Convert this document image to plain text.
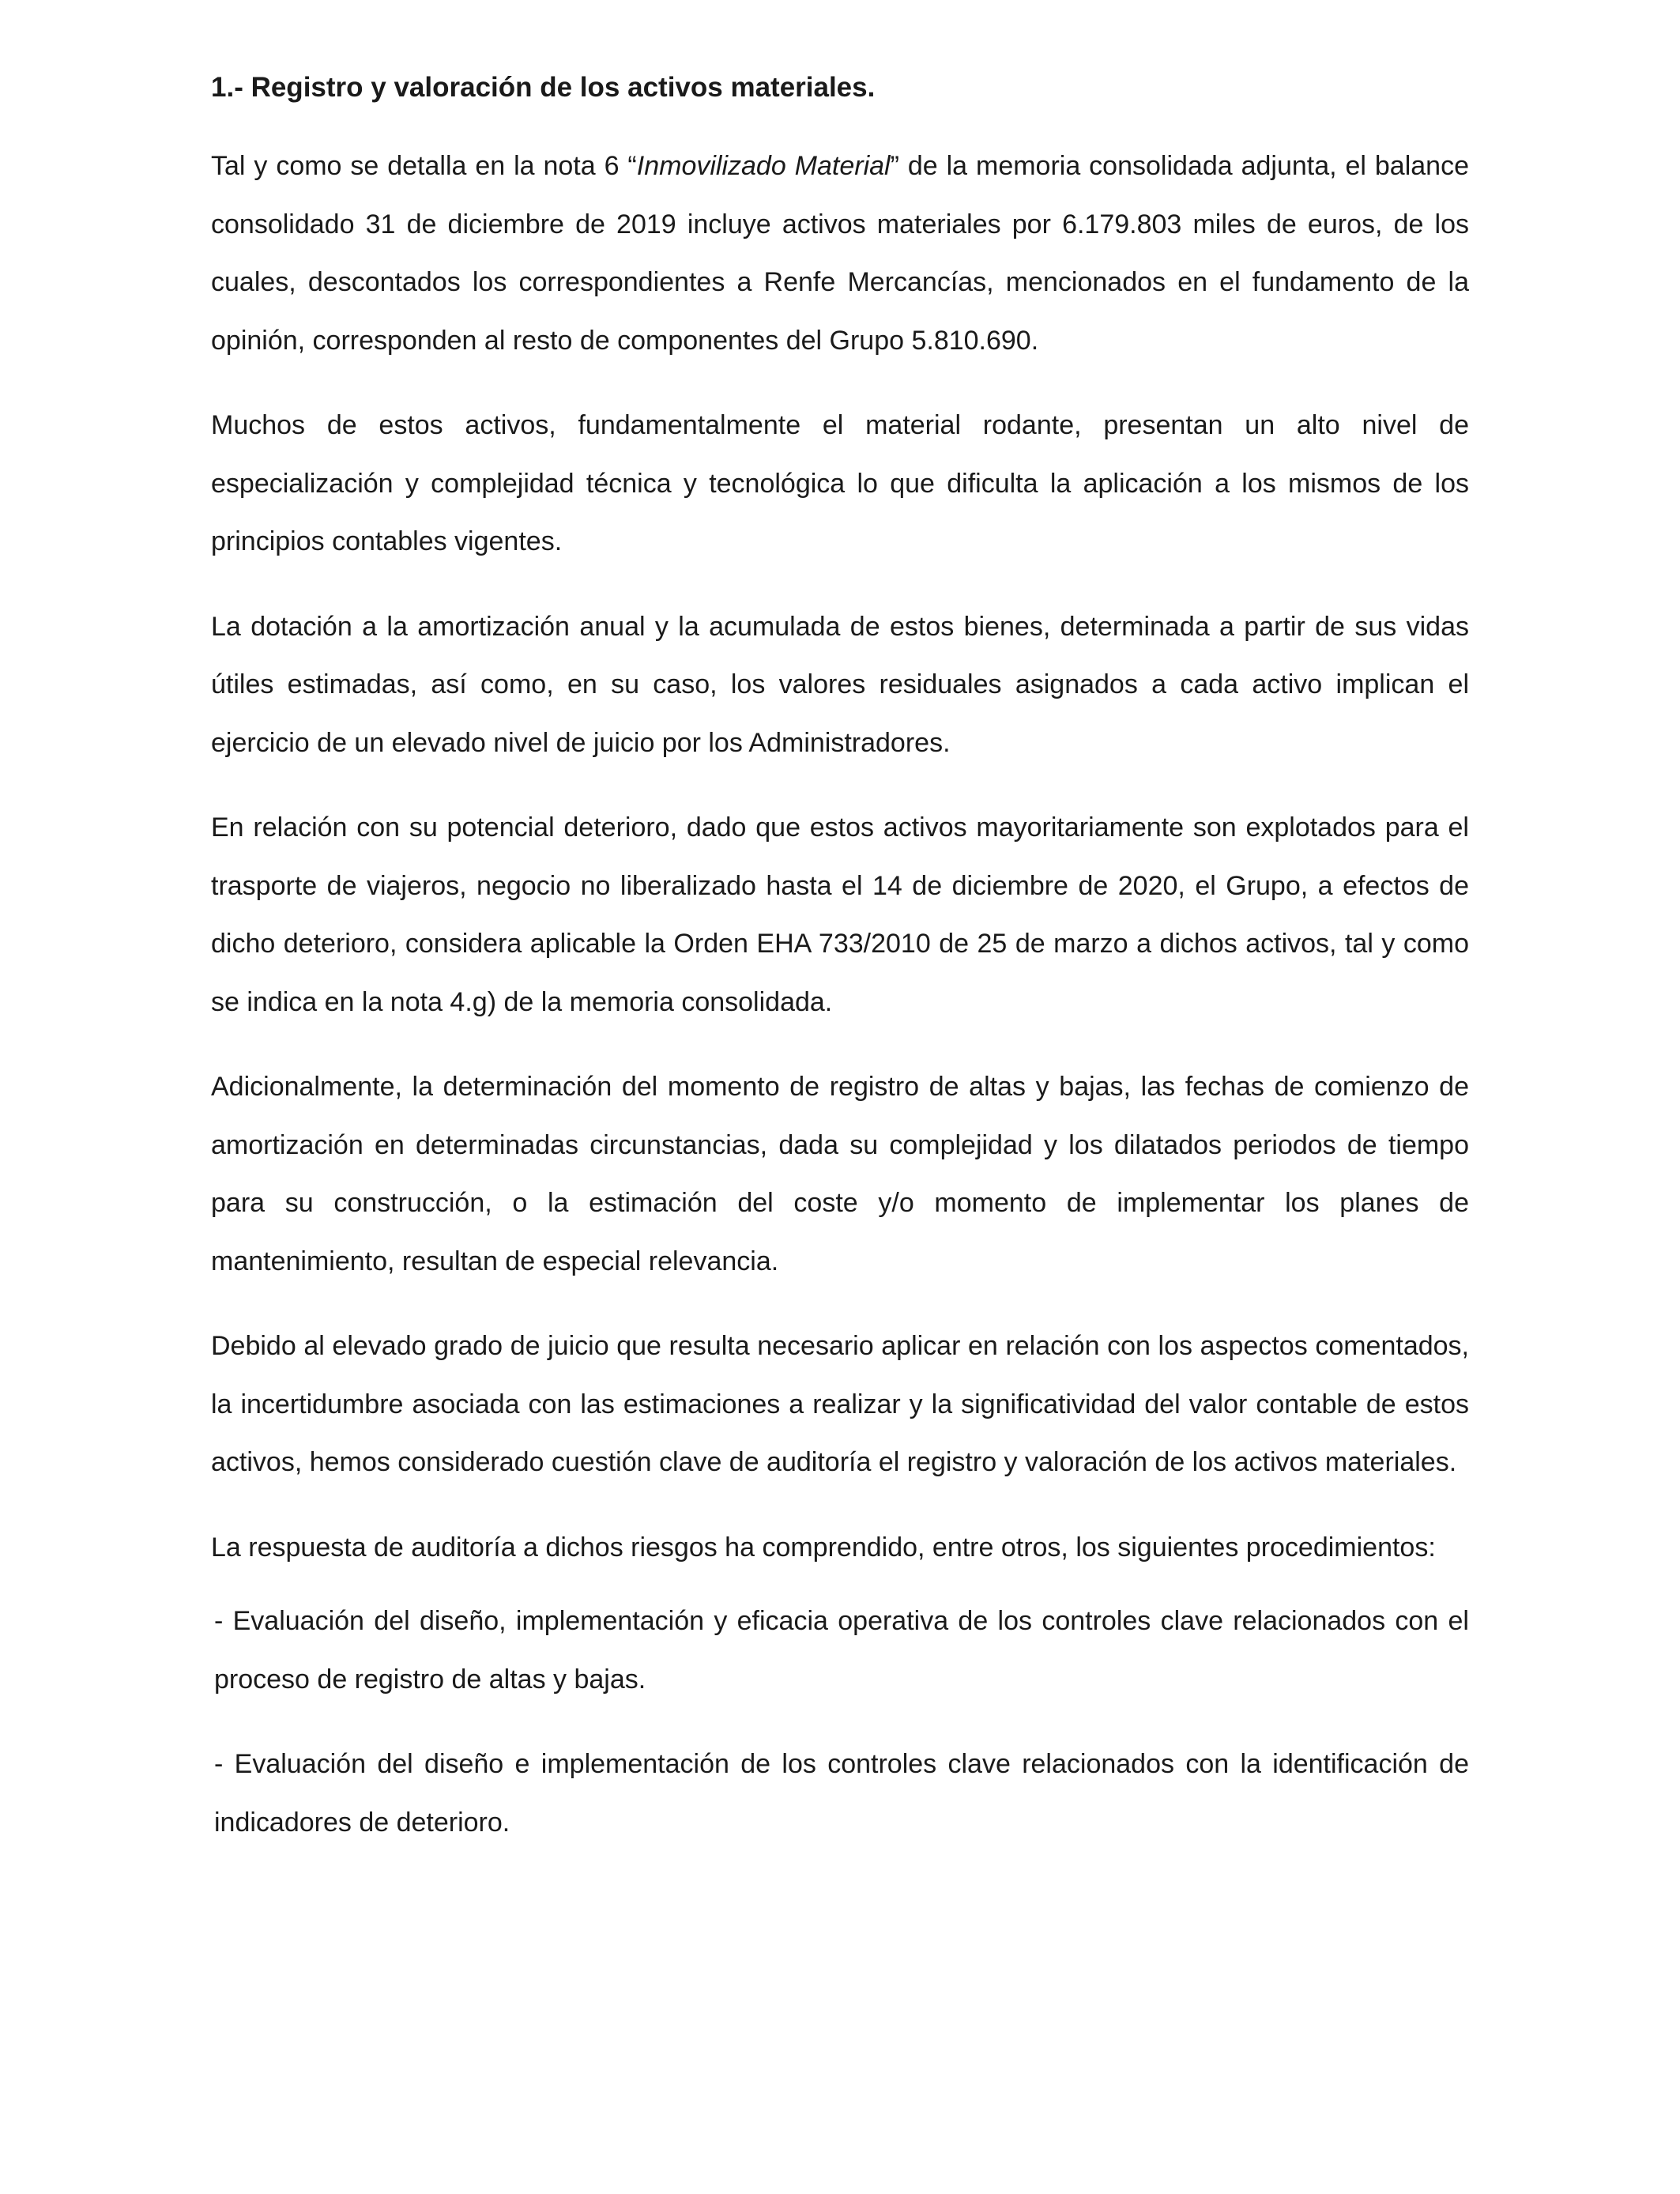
1.- Registro y valoración de los activos materiales.

Tal y como se detalla en la nota 6 “Inmovilizado Material” de la memoria consolidada adjunta, el balance consolidado 31 de diciembre de 2019 incluye activos materiales por 6.179.803 miles de euros, de los cuales, descontados los correspondientes a Renfe Mercancías, mencionados en el fundamento de la opinión, corresponden al resto de componentes del Grupo 5.810.690.

Muchos de estos activos, fundamentalmente el material rodante, presentan un alto nivel de especialización y complejidad técnica y tecnológica lo que dificulta la aplicación a los mismos de los principios contables vigentes.

La dotación a la amortización anual y la acumulada de estos bienes, determinada a partir de sus vidas útiles estimadas, así como, en su caso, los valores residuales asignados a cada activo implican el ejercicio de un elevado nivel de juicio por los Administradores.

En relación con su potencial deterioro, dado que estos activos mayoritariamente son explotados para el trasporte de viajeros, negocio no liberalizado hasta el 14 de diciembre de 2020, el Grupo, a efectos de dicho deterioro, considera aplicable la Orden EHA 733/2010 de 25 de marzo a dichos activos, tal y como se indica en la nota 4.g) de la memoria consolidada.

Adicionalmente, la determinación del momento de registro de altas y bajas, las fechas de comienzo de amortización en determinadas circunstancias, dada su complejidad y los dilatados periodos de tiempo para su construcción, o la estimación del coste y/o momento de implementar los planes de mantenimiento, resultan de especial relevancia.

Debido al elevado grado de juicio que resulta necesario aplicar en relación con los aspectos comentados, la incertidumbre asociada con las estimaciones a realizar y la significatividad del valor contable de estos activos, hemos considerado cuestión clave de auditoría el registro y valoración de los activos materiales.

La respuesta de auditoría a dichos riesgos ha comprendido, entre otros, los siguientes procedimientos:

- Evaluación del diseño, implementación y eficacia operativa de los controles clave relacionados con el proceso de registro de altas y bajas.

- Evaluación del diseño e implementación de los controles clave relacionados con la identificación de indicadores de deterioro.
